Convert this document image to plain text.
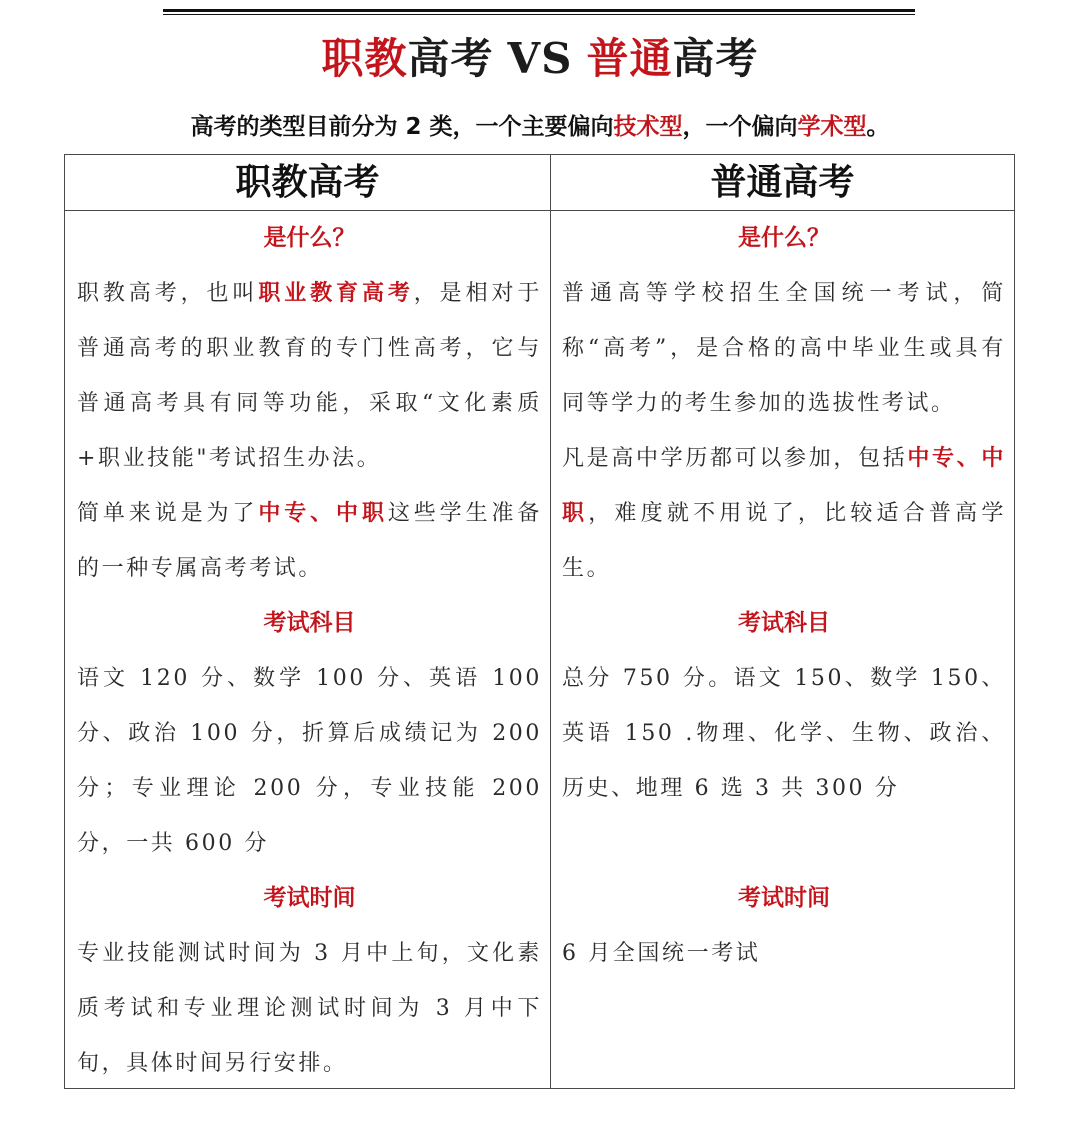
职教高考 VS 普通高考
高考的类型目前分为 2 类，一个主要偏向技术型，一个偏向学术型。
职教高考	普通高考
是什么？

职教高考，也叫职业教育高考，是相对于普通高考的职业教育的专门性高考，它与普通高考具有同等功能，采取“文化素质+职业技能"考试招生办法。

简单来说是为了中专、中职这些学生准备的一种专属高考考试。

考试科目

语文 120 分、数学 100 分、英语 100 分、政治 100 分，折算后成绩记为 200 分；专业理论 200 分，专业技能 200 分，一共 600 分

考试时间

专业技能测试时间为 3 月中上旬，文化素质考试和专业理论测试时间为 3 月中下旬，具体时间另行安排。

是什么？

普通高等学校招生全国统一考试，简称“高考”，是合格的高中毕业生或具有同等学力的考生参加的选拔性考试。

凡是高中学历都可以参加，包括中专、中职，难度就不用说了，比较适合普高学生。

考试科目

总分 750 分。语文 150、数学 150、英语 150 .物理、化学、生物、政治、历史、地理 6 选 3 共 300 分

考试时间

6 月全国统一考试
